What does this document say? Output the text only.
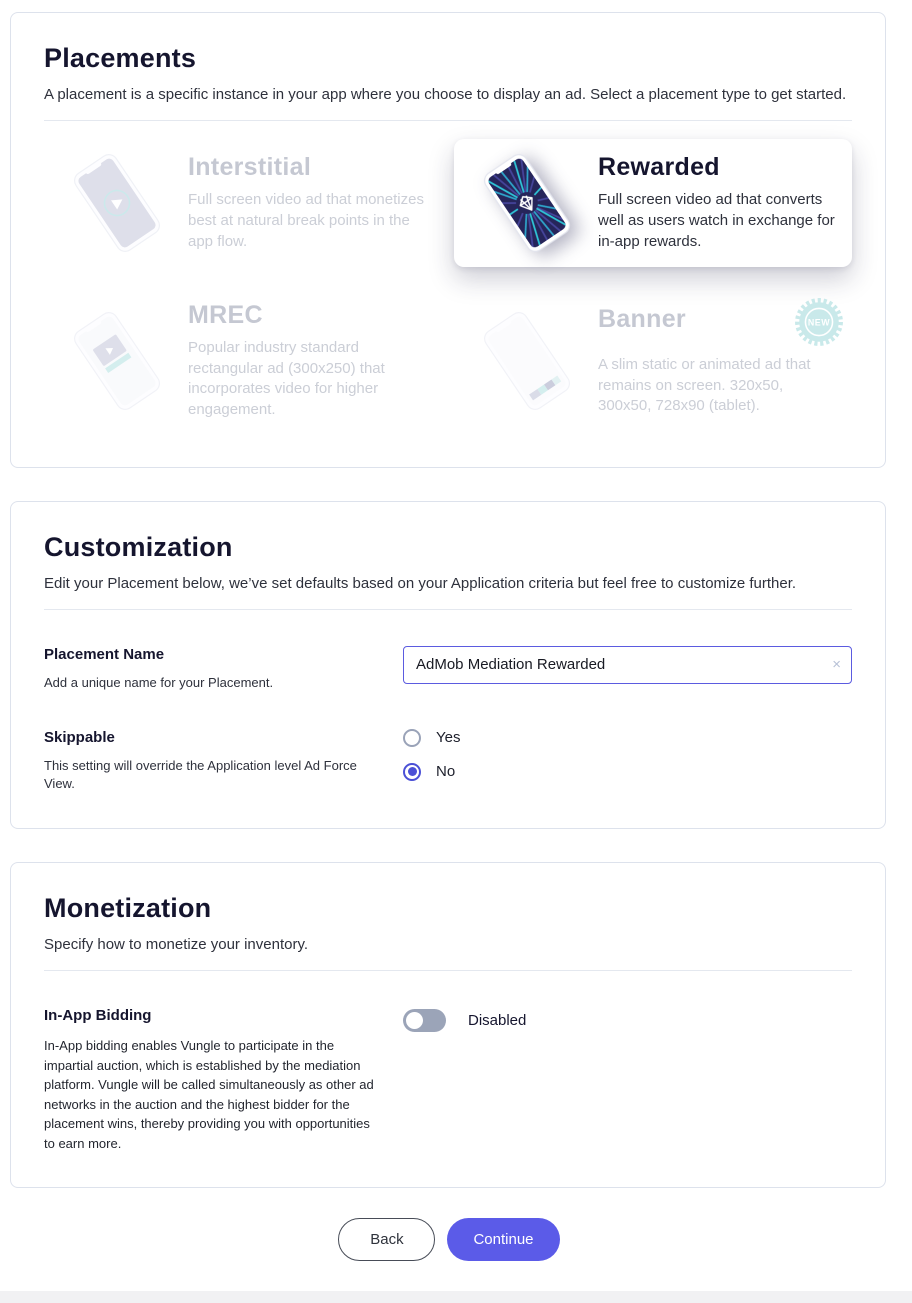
Placements

A placement is a specific instance in your app where you choose to display an ad. Select a placement type to get started.

Interstitial
Full screen video ad that monetizes best at natural break points in the app flow.
Rewarded
Full screen video ad that converts well as users watch in exchange for in-app rewards.
MREC
Popular industry standard rectangular ad (300x250) that incorporates video for higher engagement.
Banner	NEW
A slim static or animated ad that remains on screen. 320x50, 300x50, 728x90 (tablet).
Customization

Edit your Placement below, we’ve set defaults based on your Application criteria but feel free to customize further.

Placement Name
Add a unique name for your Placement.
AdMob Mediation Rewarded
×
Skippable
This setting will override the Application level Ad Force View.
Yes
No
Monetization

Specify how to monetize your inventory.

In-App Bidding
In-App bidding enables Vungle to participate in the impartial auction, which is established by the mediation platform. Vungle will be called simultaneously as other ad networks in the auction and the highest bidder for the placement wins, thereby providing you with opportunities to earn more.
Disabled
Back	Continue
